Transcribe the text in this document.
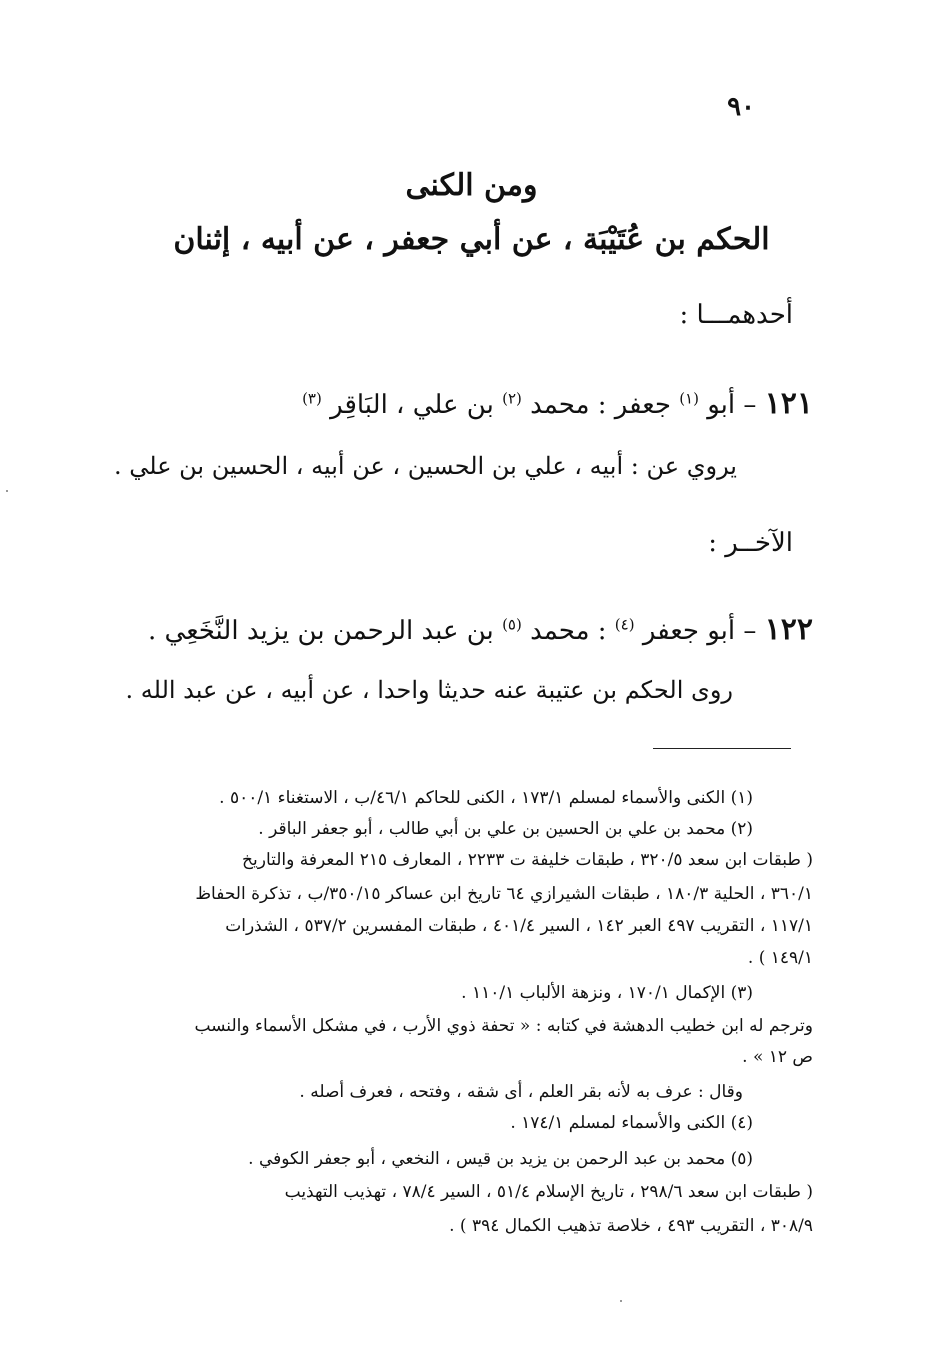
٩٠
ومن الكنى
الحكم بن عُتَيْبَة ، عن أبي جعفر ، عن أبيه ، إثنان
أحدهمـــا :
١٢١ – أبو $^{(١)}$ جعفر : محمد $^{(٢)}$ بن علي ، البَاقِر $^{(٣)}$
يروي عن : أبيه ، علي بن الحسين ، عن أبيه ، الحسين بن علي .
الآخــر :
١٢٢ – أبو جعفر $^{(٤)}$ : محمد $^{(٥)}$ بن عبد الرحمن بن يزيد النَّخَعِي .
روى الحكم بن عتيبة عنه حديثا واحدا ، عن أبيه ، عن عبد الله .
(١) الكنى والأسماء لمسلم ١٧٣/١ ، الكنى للحاكم ٤٦/١/ب ، الاستغناء ٥٠٠/١ .
(٢) محمد بن علي بن الحسين بن علي بن أبي طالب ، أبو جعفر الباقر .
( طبقات ابن سعد ٣٢٠/٥ ، طبقات خليفة ت ٢٢٣٣ ، المعارف ٢١٥ المعرفة والتاريخ
٣٦٠/١ ، الحلية ١٨٠/٣ ، طبقات الشيرازي ٦٤ تاريخ ابن عساكر ٣٥٠/١٥/ب ، تذكرة الحفاظ
١١٧/١ ، التقريب ٤٩٧ العبر ١٤٢ ، السير ٤٠١/٤ ، طبقات المفسرين ٥٣٧/٢ ، الشذرات
١٤٩/١ ) .
(٣) الإكمال ١٧٠/١ ، ونزهة الألباب ١١٠/١ .
وترجم له ابن خطيب الدهشة في كتابه : « تحفة ذوي الأرب ، في مشكل الأسماء والنسب
ص ١٢ » .
وقال : عرف به لأنه بقر العلم ، أى شقه ، وفتحه ، فعرف أصله .
(٤) الكنى والأسماء لمسلم ١٧٤/١ .
(٥) محمد بن عبد الرحمن بن يزيد بن قيس ، النخعي ، أبو جعفر الكوفي .
( طبقات ابن سعد ٢٩٨/٦ ، تاريخ الإسلام ٥١/٤ ، السير ٧٨/٤ ، تهذيب التهذيب
٣٠٨/٩ ، التقريب ٤٩٣ ، خلاصة تذهيب الكمال ٣٩٤ ) .
